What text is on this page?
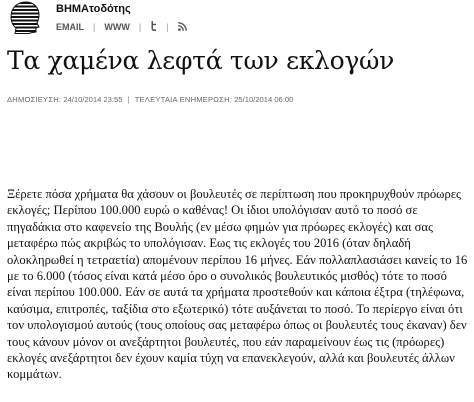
ΒΗΜΑτοδότης
EMAIL | WWW |	|
Τα χαμένα λεφτά των εκλογών
ΔΗΜΟΣΙΕΥΣΗ: 24/10/2014 23:55 | ΤΕΛΕΥΤΑΙΑ ΕΝΗΜΕΡΩΣΗ: 25/10/2014 06:00

Ξέρετε πόσα χρήματα θα χάσουν οι βουλευτές σε περίπτωση που προκηρυχθούν πρόωρες εκλογές; Περίπου 100.000 ευρώ ο καθένας! Οι ίδιοι υπολόγισαν αυτό το ποσό σε πηγαδάκια στο καφενείο της Βουλής (εν μέσω φημών για πρόωρες εκλογές) και σας μεταφέρω πώς ακριβώς το υπολόγισαν. Εως τις εκλογές του 2016 (όταν δηλαδή ολοκληρωθεί η τετραετία) απομένουν περίπου 16 μήνες. Εάν πολλαπλασιάσει κανείς το 16 με το 6.000 (τόσος είναι κατά μέσο όρο ο συνολικός βουλευτικός μισθός) τότε το ποσό είναι περίπου 100.000. Εάν σε αυτά τα χρήματα προστεθούν και κάποια έξτρα (τηλέφωνα, καύσιμα, επιτροπές, ταξίδια στο εξωτερικό) τότε αυξάνεται το ποσό. Το περίεργο είναι ότι τον υπολογισμού αυτούς (τους οποίους σας μεταφέρω όπως οι βουλευτές τους έκαναν) δεν τους κάνουν μόνον οι ανεξάρτητοι βουλευτές, που εάν παραμείνουν έως τις (πρόωρες) εκλογές ανεξάρτητοι δεν έχουν καμία τύχη να επανεκλεγούν, αλλά και βουλευτές άλλων κομμάτων.
